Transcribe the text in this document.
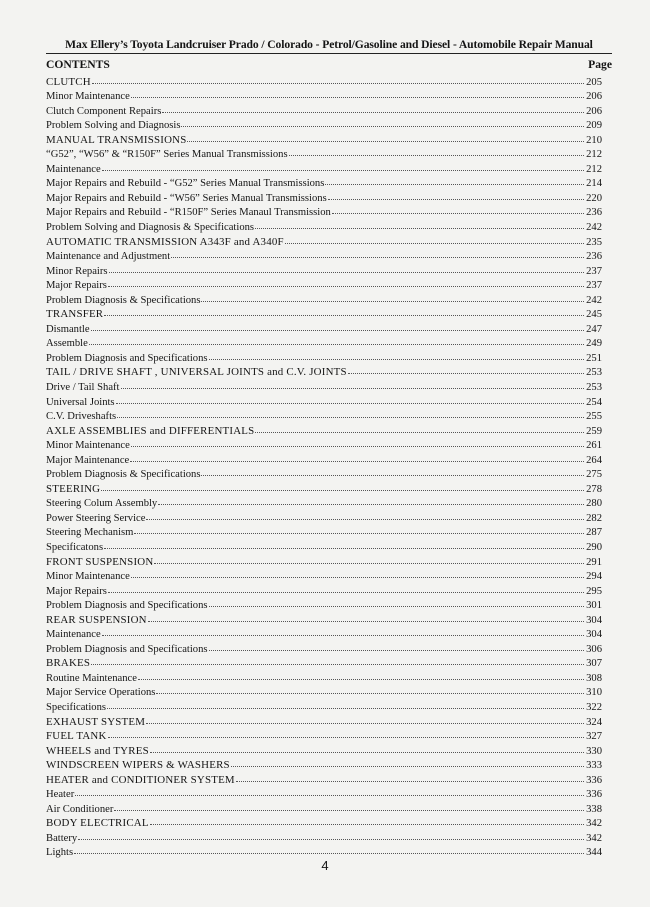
Max Ellery’s Toyota Landcruiser Prado / Colorado - Petrol/Gasoline and Diesel - Automobile Repair Manual
CONTENTS	Page
CLUTCH	205
Minor Maintenance	206
Clutch Component Repairs	206
Problem Solving and Diagnosis	209
MANUAL TRANSMISSIONS	210
“G52”, “W56” & “R150F” Series Manual Transmissions	212
Maintenance	212
Major Repairs and Rebuild - “G52” Series Manual Transmissions	214
Major Repairs and Rebuild - “W56” Series Manual Transmissions	220
Major Repairs and Rebuild - “R150F” Series Manaul Transmission	236
Problem Solving and Diagnosis & Specifications	242
AUTOMATIC TRANSMISSION A343F and A340F	235
Maintenance and Adjustment	236
Minor Repairs	237
Major Repairs	237
Problem Diagnosis & Specifications	242
TRANSFER	245
Dismantle	247
Assemble	249
Problem Diagnosis and Specifications	251
TAIL / DRIVE SHAFT , UNIVERSAL JOINTS and C.V. JOINTS	253
Drive / Tail Shaft	253
Universal Joints	254
C.V. Driveshafts	255
AXLE ASSEMBLIES and DIFFERENTIALS	259
Minor Maintenance	261
Major Maintenance	264
Problem Diagnosis & Specifications	275
STEERING	278
Steering Colum Assembly	280
Power Steering Service	282
Steering Mechanism	287
Specificatons	290
FRONT SUSPENSION	291
Minor Maintenance	294
Major Repairs	295
Problem Diagnosis and Specifications	301
REAR SUSPENSION	304
Maintenance	304
Problem Diagnosis and Specifications	306
BRAKES	307
Routine Maintenance	308
Major Service Operations	310
Specifications	322
EXHAUST SYSTEM	324
FUEL TANK	327
WHEELS and TYRES	330
WINDSCREEN WIPERS & WASHERS	333
HEATER and CONDITIONER SYSTEM	336
Heater	336
Air Conditioner	338
BODY ELECTRICAL	342
Battery	342
Lights	344
4
